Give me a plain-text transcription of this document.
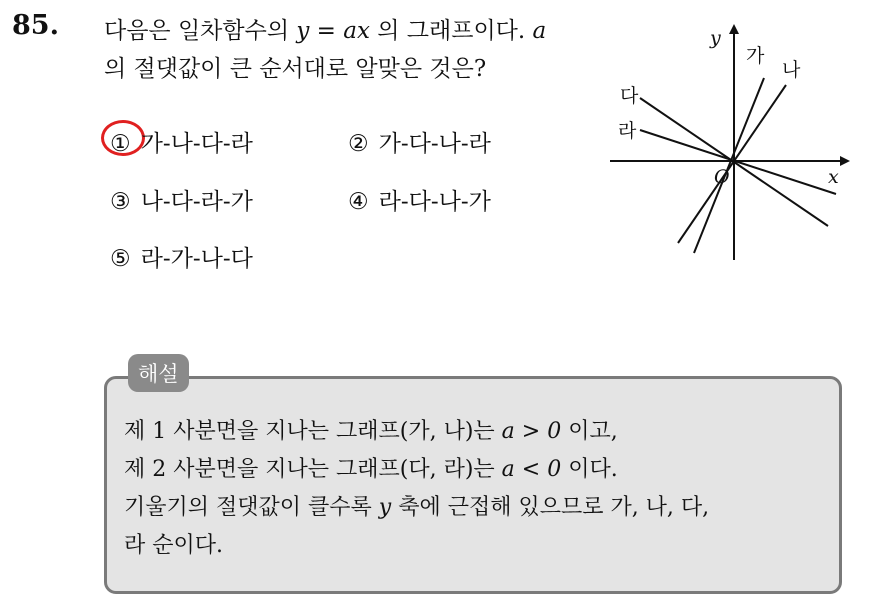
85. 다음은 일차함수의 y = ax 의 그래프이다. a
의 절댓값이 큰 순서대로 알맞은 것은?
① 가-나-다-라	② 가-다-나-라
③ 나-다-라-가	④ 라-다-나-가
⑤ 라-가-나-다
가
나
다
라
y
x
O
해설
제 1 사분면을 지나는 그래프(가, 나)는 a > 0 이고,
제 2 사분면을 지나는 그래프(다, 라)는 a < 0 이다.
기울기의 절댓값이 클수록 y 축에 근접해 있으므로 가, 나, 다,
라 순이다.
